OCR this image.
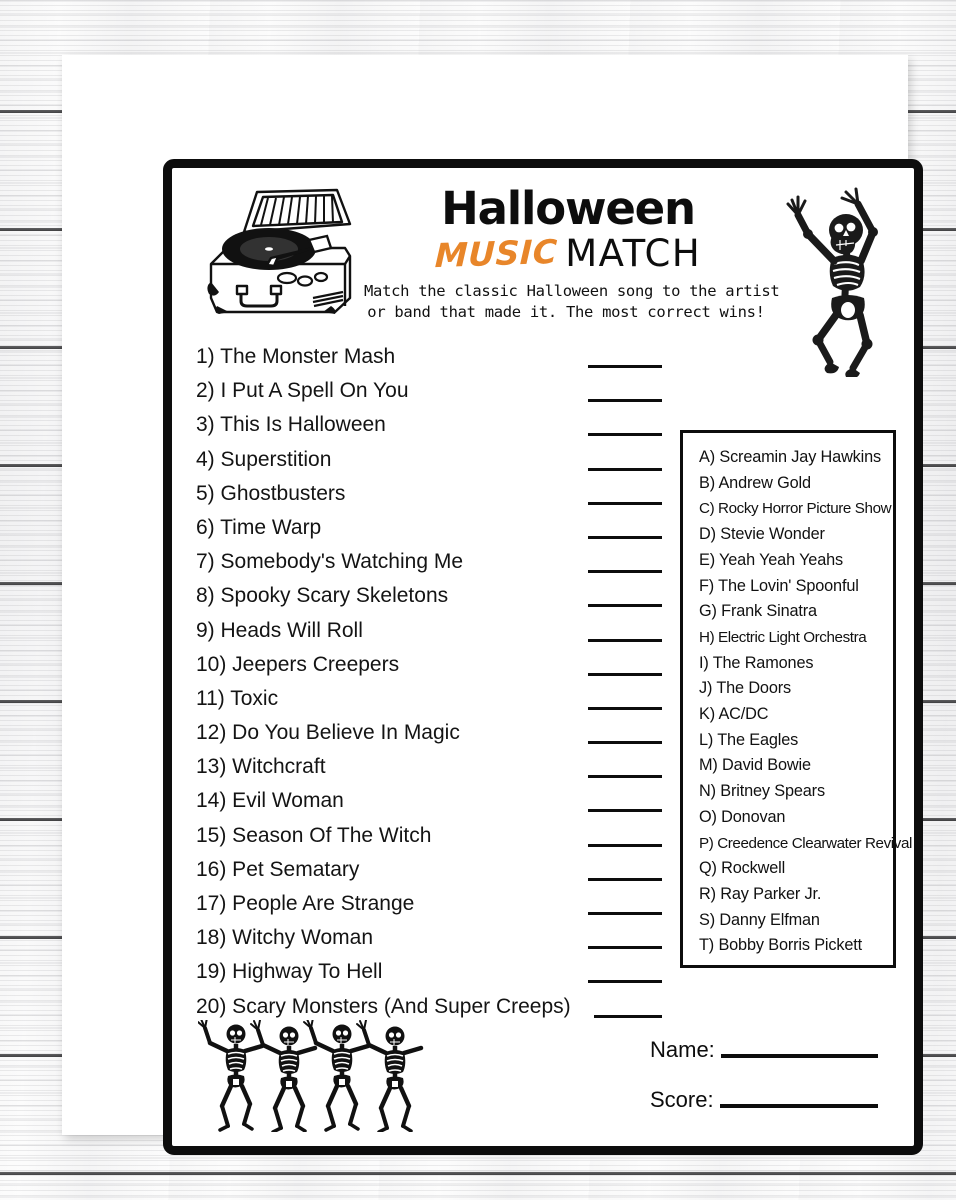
Halloween
MUSIC MATCH
Match the classic Halloween song to the artist
or band that made it. The most correct wins!
1) The Monster Mash
2) I Put A Spell On You
3) This Is Halloween
4) Superstition
5) Ghostbusters
6) Time Warp
7) Somebody's Watching Me
8) Spooky Scary Skeletons
9) Heads Will Roll
10) Jeepers Creepers
11) Toxic
12) Do You Believe In Magic
13) Witchcraft
14) Evil Woman
15) Season Of The Witch
16) Pet Sematary
17) People Are Strange
18) Witchy Woman
19) Highway To Hell
20) Scary Monsters (And Super Creeps)
A) Screamin Jay Hawkins
B) Andrew Gold
C) Rocky Horror Picture Show
D) Stevie Wonder
E) Yeah Yeah Yeahs
F) The Lovin' Spoonful
G) Frank Sinatra
H) Electric Light Orchestra
I) The Ramones
J) The Doors
K) AC/DC
L) The Eagles
M) David Bowie
N) Britney Spears
O) Donovan
P) Creedence Clearwater Revival
Q) Rockwell
R) Ray Parker Jr.
S) Danny Elfman
T) Bobby Borris Pickett
Name:
Score:
